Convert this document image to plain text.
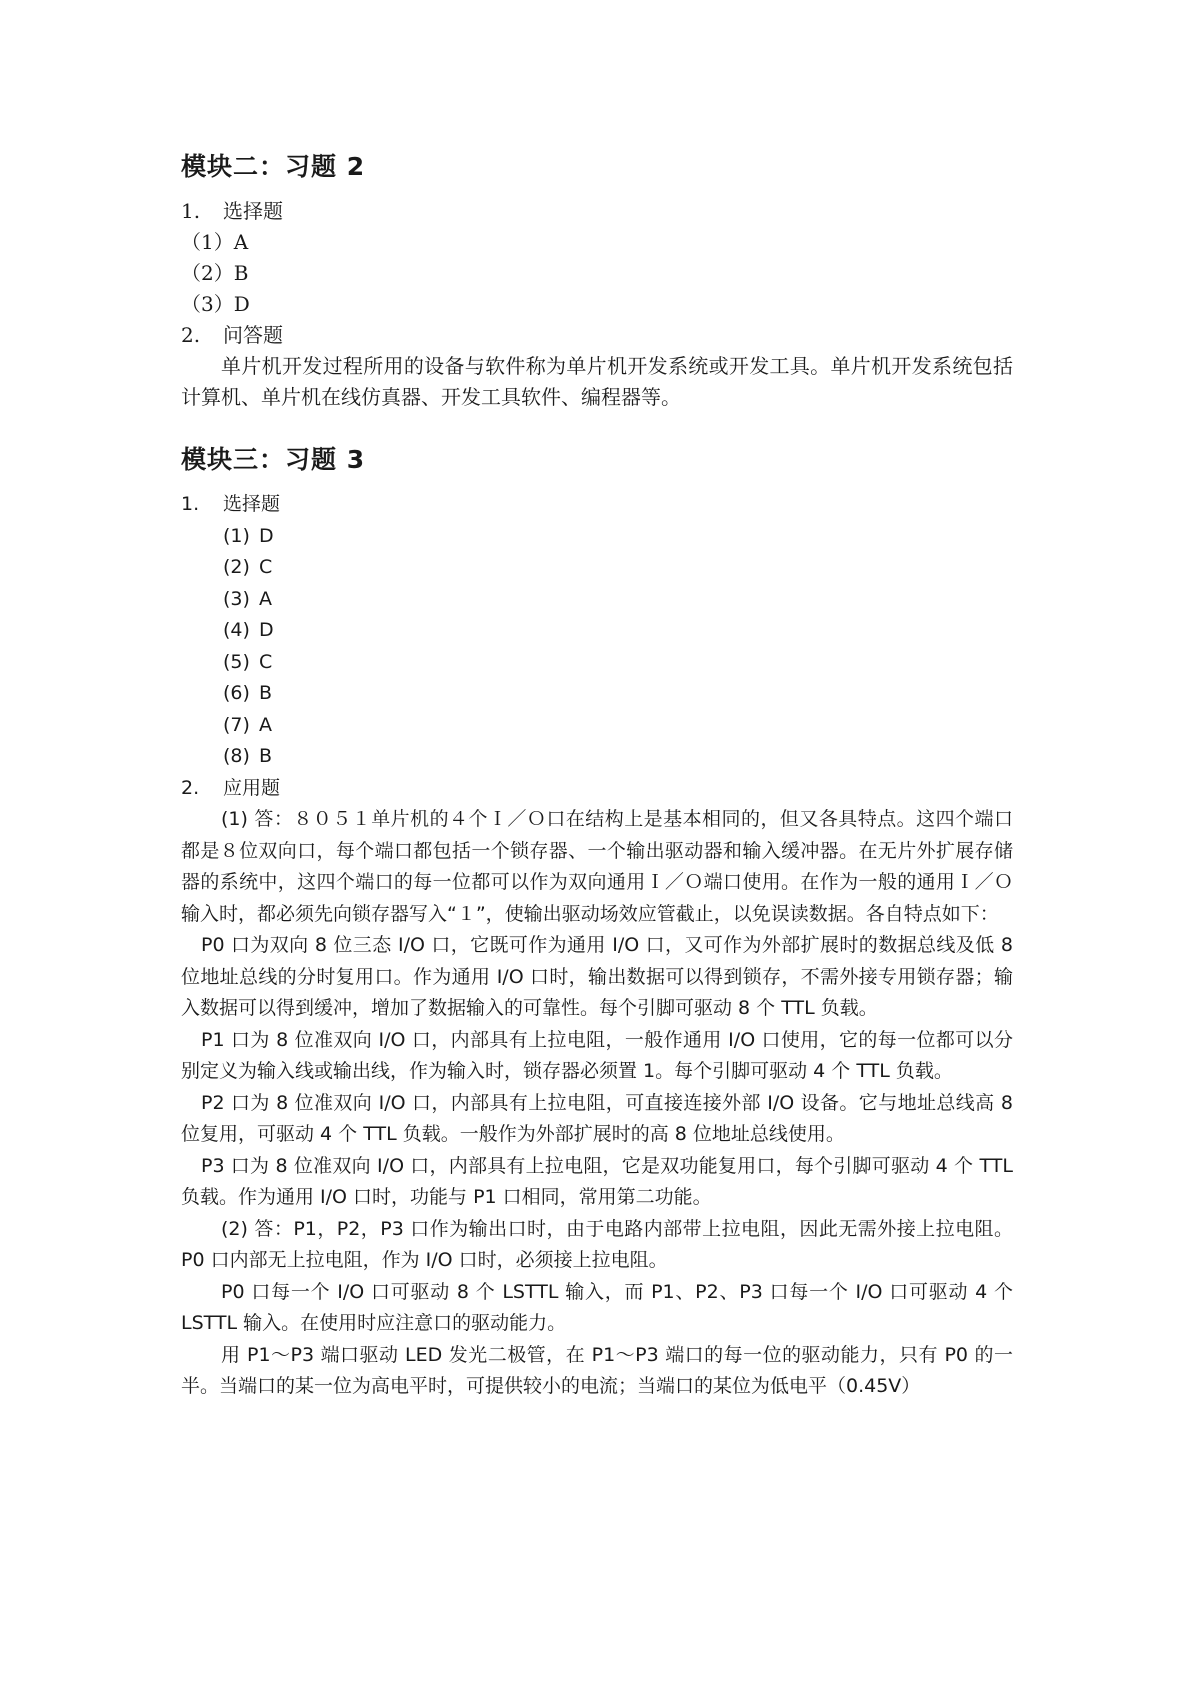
模块二：习题 2
1. 选择题
（1）A
（2）B
（3）D
2. 问答题

单片机开发过程所用的设备与软件称为单片机开发系统或开发工具。单片机开发系统包括计算机、单片机在线仿真器、开发工具软件、编程器等。

模块三：习题 3
1. 选择题
(1) D
(2) C
(3) A
(4) D
(5) C
(6) B
(7) A
(8) B
2. 应用题

(1) 答：８０５１单片机的４个Ｉ／Ｏ口在结构上是基本相同的，但又各具特点。这四个端口都是８位双向口，每个端口都包括一个锁存器、一个输出驱动器和输入缓冲器。在无片外扩展存储器的系统中，这四个端口的每一位都可以作为双向通用Ｉ／Ｏ端口使用。在作为一般的通用Ｉ／Ｏ输入时，都必须先向锁存器写入“１”，使输出驱动场效应管截止，以免误读数据。各自特点如下：

P0 口为双向 8 位三态 I/O 口，它既可作为通用 I/O 口，又可作为外部扩展时的数据总线及低 8 位地址总线的分时复用口。作为通用 I/O 口时，输出数据可以得到锁存，不需外接专用锁存器；输入数据可以得到缓冲，增加了数据输入的可靠性。每个引脚可驱动 8 个 TTL 负载。

P1 口为 8 位准双向 I/O 口，内部具有上拉电阻，一般作通用 I/O 口使用，它的每一位都可以分别定义为输入线或输出线，作为输入时，锁存器必须置 1。每个引脚可驱动 4 个 TTL 负载。

P2 口为 8 位准双向 I/O 口，内部具有上拉电阻，可直接连接外部 I/O 设备。它与地址总线高 8 位复用，可驱动 4 个 TTL 负载。一般作为外部扩展时的高 8 位地址总线使用。

P3 口为 8 位准双向 I/O 口，内部具有上拉电阻，它是双功能复用口，每个引脚可驱动 4 个 TTL 负载。作为通用 I/O 口时，功能与 P1 口相同，常用第二功能。

(2) 答：P1，P2，P3 口作为输出口时，由于电路内部带上拉电阻，因此无需外接上拉电阻。P0 口内部无上拉电阻，作为 I/O 口时，必须接上拉电阻。

P0 口每一个 I/O 口可驱动 8 个 LSTTL 输入，而 P1、P2、P3 口每一个 I/O 口可驱动 4 个 LSTTL 输入。在使用时应注意口的驱动能力。

用 P1～P3 端口驱动 LED 发光二极管，在 P1～P3 端口的每一位的驱动能力，只有 P0 的一半。当端口的某一位为高电平时，可提供较小的电流；当端口的某位为低电平（0.45V）
